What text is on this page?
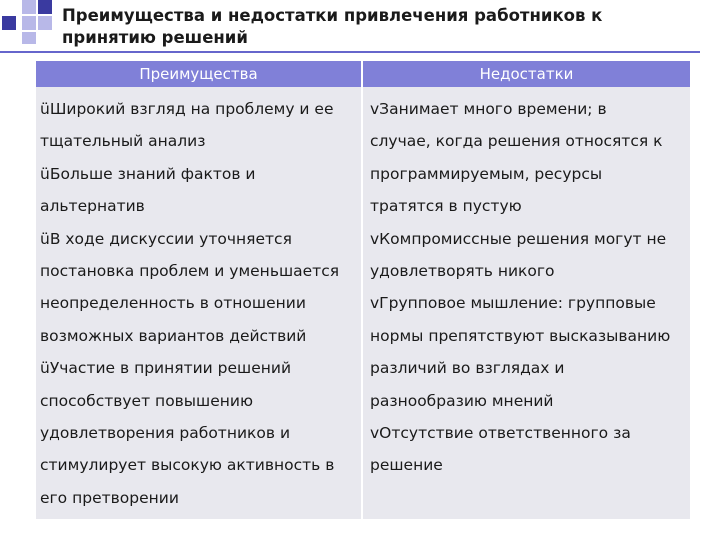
Преимущества и недостатки привлечения работников к
принятию решений
Преимущества	Недостатки
üШирокий взгляд на проблему и ее
тщательный анализ
üБольше знаний фактов и
альтернатив
üВ ходе дискуссии уточняется
постановка проблем и уменьшается
неопределенность в отношении
возможных вариантов действий
üУчастие в принятии решений
способствует повышению
удовлетворения работников и
стимулирует высокую активность в
его претворении
vЗанимает много времени; в
случае, когда решения относятся к
программируемым, ресурсы
тратятся в пустую
vКомпромиссные решения могут не
удовлетворять никого
vГрупповое мышление: групповые
нормы препятствуют высказыванию
различий во взглядах и
разнообразию мнений
vОтсутствие ответственного за
решение
